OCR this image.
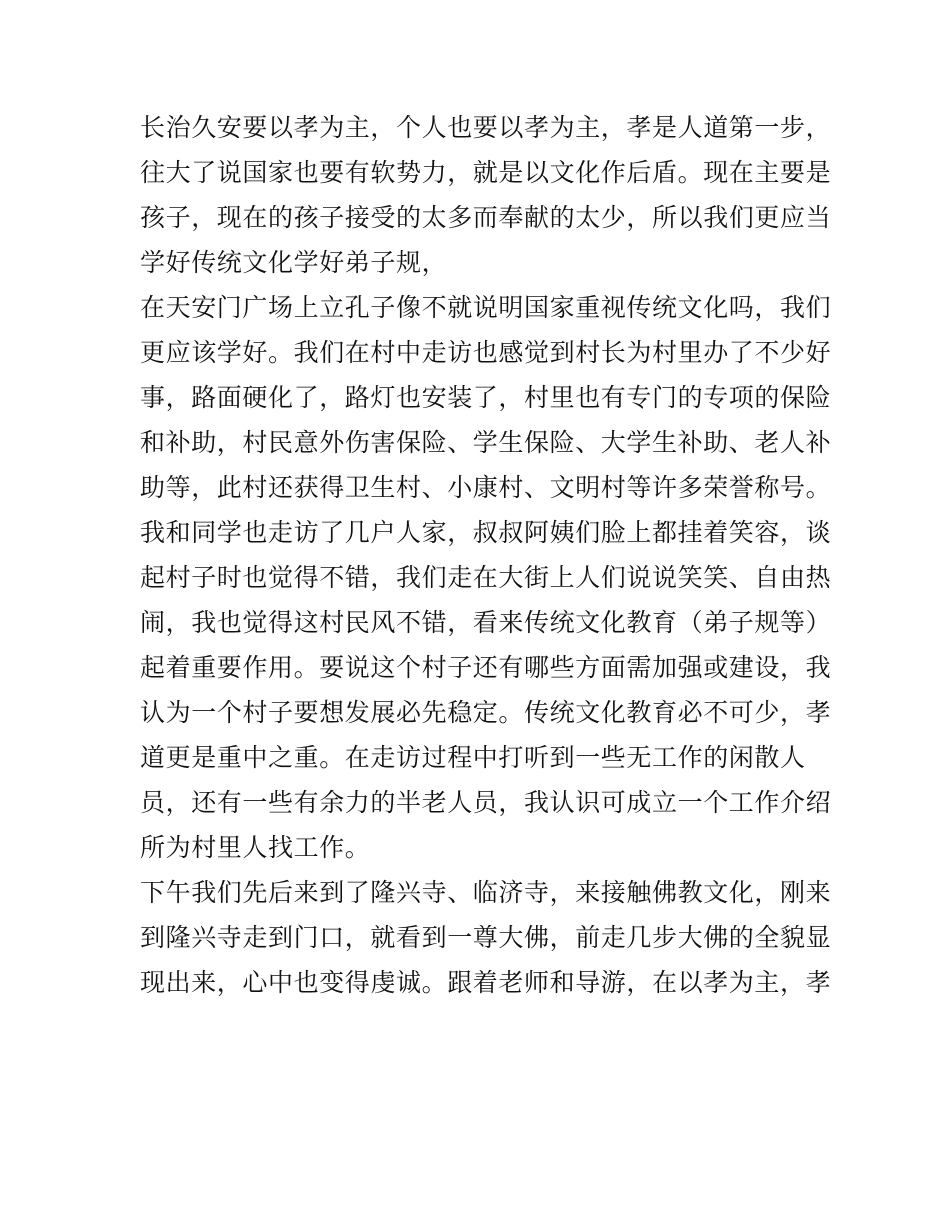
长治久安要以孝为主，个人也要以孝为主，孝是人道第一步，
往大了说国家也要有软势力，就是以文化作后盾。现在主要是
孩子，现在的孩子接受的太多而奉献的太少，所以我们更应当
学好传统文化学好弟子规，
在天安门广场上立孔子像不就说明国家重视传统文化吗，我们
更应该学好。我们在村中走访也感觉到村长为村里办了不少好
事，路面硬化了，路灯也安装了，村里也有专门的专项的保险
和补助，村民意外伤害保险、学生保险、大学生补助、老人补
助等，此村还获得卫生村、小康村、文明村等许多荣誉称号。
我和同学也走访了几户人家，叔叔阿姨们脸上都挂着笑容，谈
起村子时也觉得不错，我们走在大街上人们说说笑笑、自由热
闹，我也觉得这村民风不错，看来传统文化教育（弟子规等）
起着重要作用。要说这个村子还有哪些方面需加强或建设，我
认为一个村子要想发展必先稳定。传统文化教育必不可少，孝
道更是重中之重。在走访过程中打听到一些无工作的闲散人
员，还有一些有余力的半老人员，我认识可成立一个工作介绍
所为村里人找工作。
下午我们先后来到了隆兴寺、临济寺，来接触佛教文化，刚来
到隆兴寺走到门口，就看到一尊大佛，前走几步大佛的全貌显
现出来，心中也变得虔诚。跟着老师和导游，在以孝为主，孝
